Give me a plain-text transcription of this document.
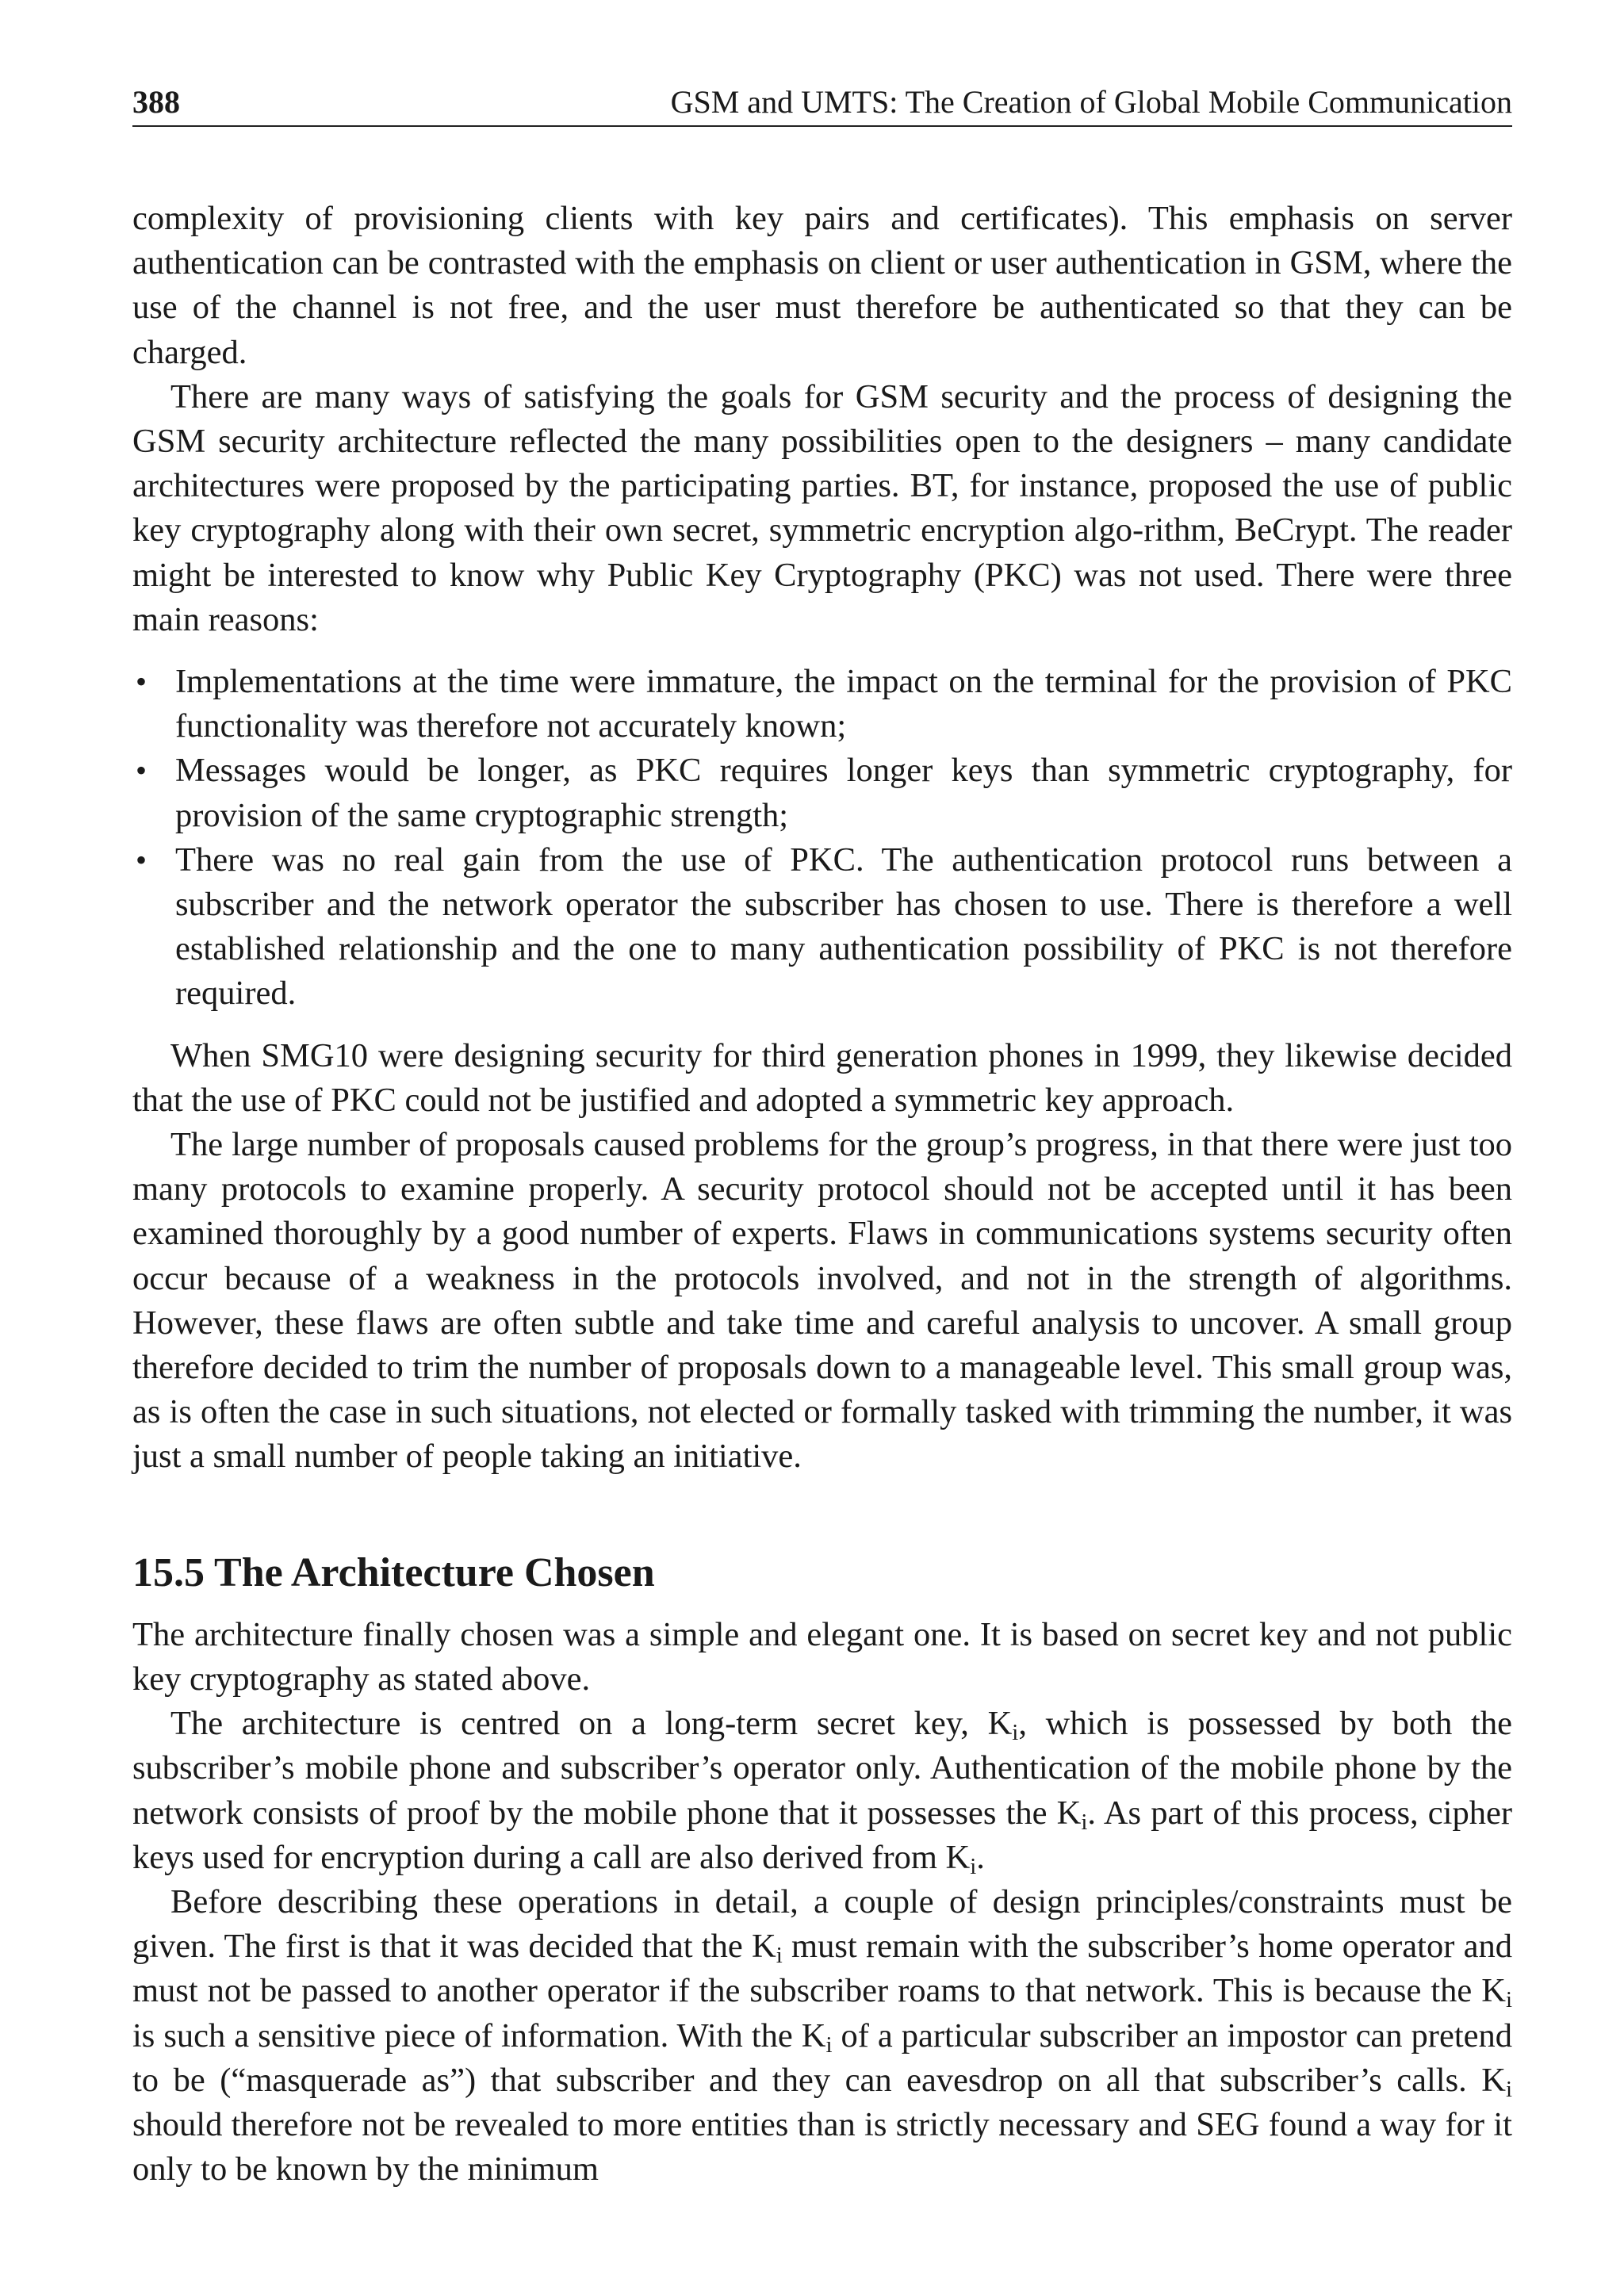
388	GSM and UMTS: The Creation of Global Mobile Communication

complexity of provisioning clients with key pairs and certificates). This emphasis on server authentication can be contrasted with the emphasis on client or user authentication in GSM, where the use of the channel is not free, and the user must therefore be authenticated so that they can be charged.

There are many ways of satisfying the goals for GSM security and the process of designing the GSM security architecture reflected the many possibilities open to the designers – many candidate architectures were proposed by the participating parties. BT, for instance, proposed the use of public key cryptography along with their own secret, symmetric encryption algo-rithm, BeCrypt. The reader might be interested to know why Public Key Cryptography (PKC) was not used. There were three main reasons:

• Implementations at the time were immature, the impact on the terminal for the provision of PKC functionality was therefore not accurately known;
• Messages would be longer, as PKC requires longer keys than symmetric cryptography, for provision of the same cryptographic strength;
• There was no real gain from the use of PKC. The authentication protocol runs between a subscriber and the network operator the subscriber has chosen to use. There is therefore a well established relationship and the one to many authentication possibility of PKC is not therefore required.

When SMG10 were designing security for third generation phones in 1999, they likewise decided that the use of PKC could not be justified and adopted a symmetric key approach.

The large number of proposals caused problems for the group’s progress, in that there were just too many protocols to examine properly. A security protocol should not be accepted until it has been examined thoroughly by a good number of experts. Flaws in communications systems security often occur because of a weakness in the protocols involved, and not in the strength of algorithms. However, these flaws are often subtle and take time and careful analysis to uncover. A small group therefore decided to trim the number of proposals down to a manageable level. This small group was, as is often the case in such situations, not elected or formally tasked with trimming the number, it was just a small number of people taking an initiative.

15.5 The Architecture Chosen

The architecture finally chosen was a simple and elegant one. It is based on secret key and not public key cryptography as stated above.

The architecture is centred on a long-term secret key, $K_i$, which is possessed by both the subscriber’s mobile phone and subscriber’s operator only. Authentication of the mobile phone by the network consists of proof by the mobile phone that it possesses the $K_i$. As part of this process, cipher keys used for encryption during a call are also derived from $K_i$.

Before describing these operations in detail, a couple of design principles/constraints must be given. The first is that it was decided that the $K_i$ must remain with the subscriber’s home operator and must not be passed to another operator if the subscriber roams to that network. This is because the $K_i$ is such a sensitive piece of information. With the $K_i$ of a particular subscriber an impostor can pretend to be (“masquerade as”) that subscriber and they can eavesdrop on all that subscriber’s calls. $K_i$ should therefore not be revealed to more entities than is strictly necessary and SEG found a way for it only to be known by the minimum
